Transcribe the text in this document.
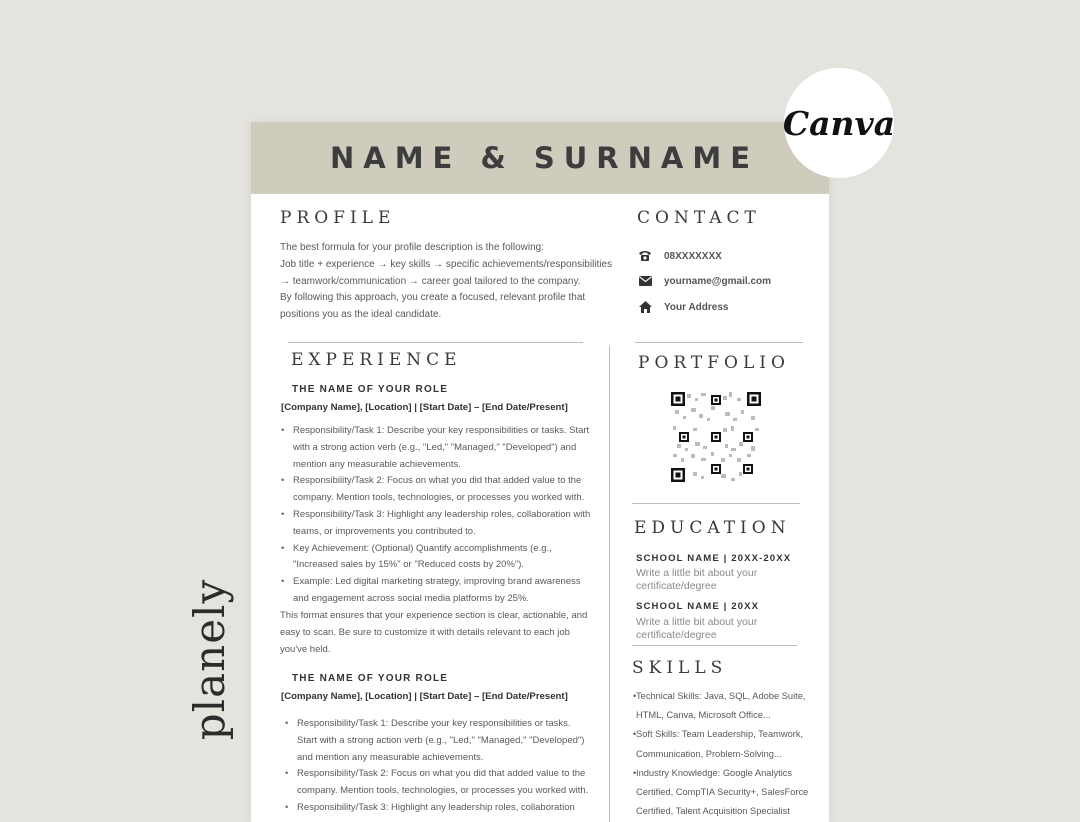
planely
Canva
NAME & SURNAME
PROFILE

The best formula for your profile description is the following:

Job title + experience → key skills → specific achievements/responsibilities

→ teamwork/communication → career goal tailored to the company.

By following this approach, you create a focused, relevant profile that

positions you as the ideal candidate.

CONTACT
08XXXXXXX
yourname@gmail.com
Your Address
EXPERIENCE
THE NAME OF YOUR ROLE
[Company Name], [Location] | [Start Date] – [End Date/Present]
• Responsibility/Task 1: Describe your key responsibilities or tasks. Start
with a strong action verb (e.g., "Led," "Managed," "Developed") and
mention any measurable achievements.
• Responsibility/Task 2: Focus on what you did that added value to the
company. Mention tools, technologies, or processes you worked with.
• Responsibility/Task 3: Highlight any leadership roles, collaboration with
teams, or improvements you contributed to.
• Key Achievement: (Optional) Quantify accomplishments (e.g.,
"Increased sales by 15%" or "Reduced costs by 20%").
• Example: Led digital marketing strategy, improving brand awareness
and engagement across social media platforms by 25%.

This format ensures that your experience section is clear, actionable, and

easy to scan. Be sure to customize it with details relevant to each job

you've held.

THE NAME OF YOUR ROLE
[Company Name], [Location] | [Start Date] – [End Date/Present]
• Responsibility/Task 1: Describe your key responsibilities or tasks.
Start with a strong action verb (e.g., "Led," "Managed," "Developed")
and mention any measurable achievements.
• Responsibility/Task 2: Focus on what you did that added value to the
company. Mention tools, technologies, or processes you worked with.
• Responsibility/Task 3: Highlight any leadership roles, collaboration
PORTFOLIO
EDUCATION
SCHOOL NAME | 20XX-20XX

Write a little bit about your

certificate/degree

SCHOOL NAME | 20XX

Write a little bit about your

certificate/degree

SKILLS
• Technical Skills: Java, SQL, Adobe Suite,
HTML, Canva, Microsoft Office...
• Soft Skills: Team Leadership, Teamwork,
Communication, Problem-Solving...
• Industry Knowledge: Google Analytics
Certified, CompTIA Security+, SalesForce
Certified, Talent Acquisition Specialist
